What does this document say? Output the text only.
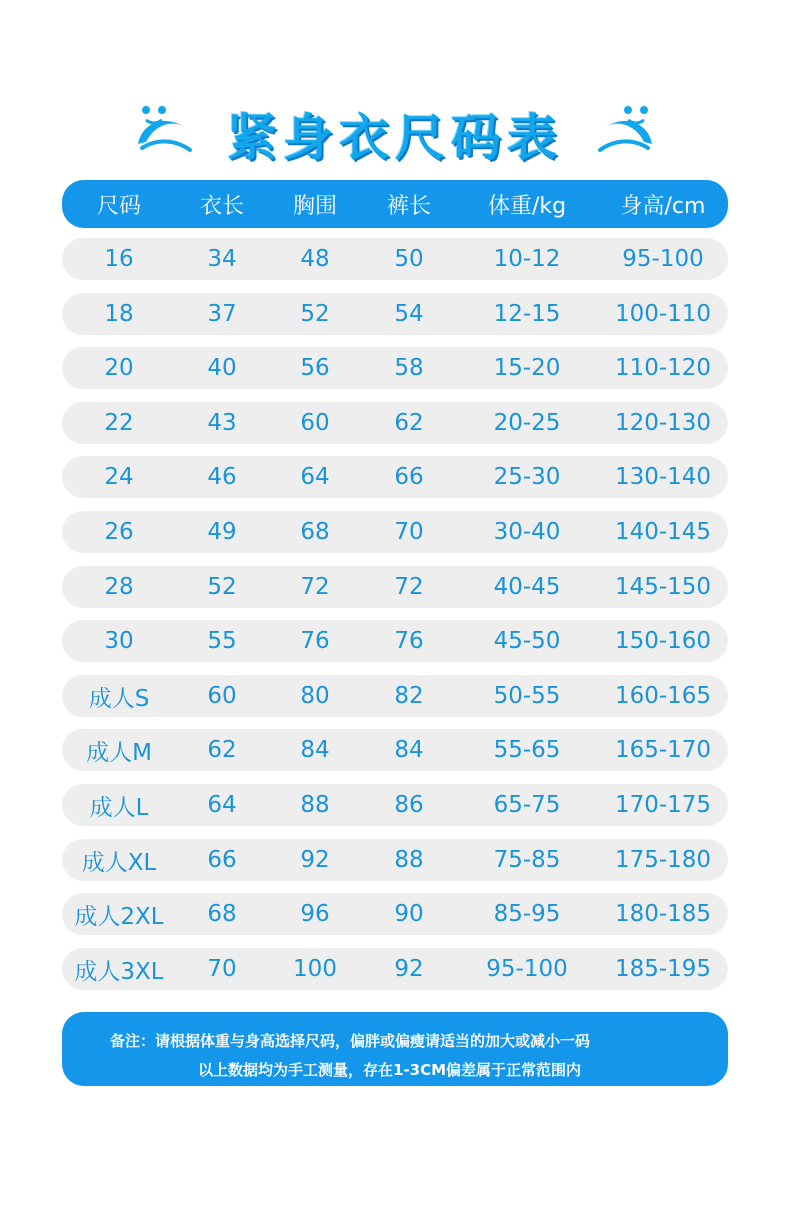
紧身衣尺码表
尺码	衣长	胸围	裤长	体重/kg	身高/cm
16	34	48	50	10-12	95-100
18	37	52	54	12-15	100-110
20	40	56	58	15-20	110-120
22	43	60	62	20-25	120-130
24	46	64	66	25-30	130-140
26	49	68	70	30-40	140-145
28	52	72	72	40-45	145-150
30	55	76	76	45-50	150-160
成人S	60	80	82	50-55	160-165
成人M	62	84	84	55-65	165-170
成人L	64	88	86	65-75	170-175
成人XL	66	92	88	75-85	175-180
成人2XL	68	96	90	85-95	180-185
成人3XL	70	100	92	95-100	185-195
备注：请根据体重与身高选择尺码，偏胖或偏瘦请适当的加大或减小一码
以上数据均为手工测量，存在1-3CM偏差属于正常范围内
